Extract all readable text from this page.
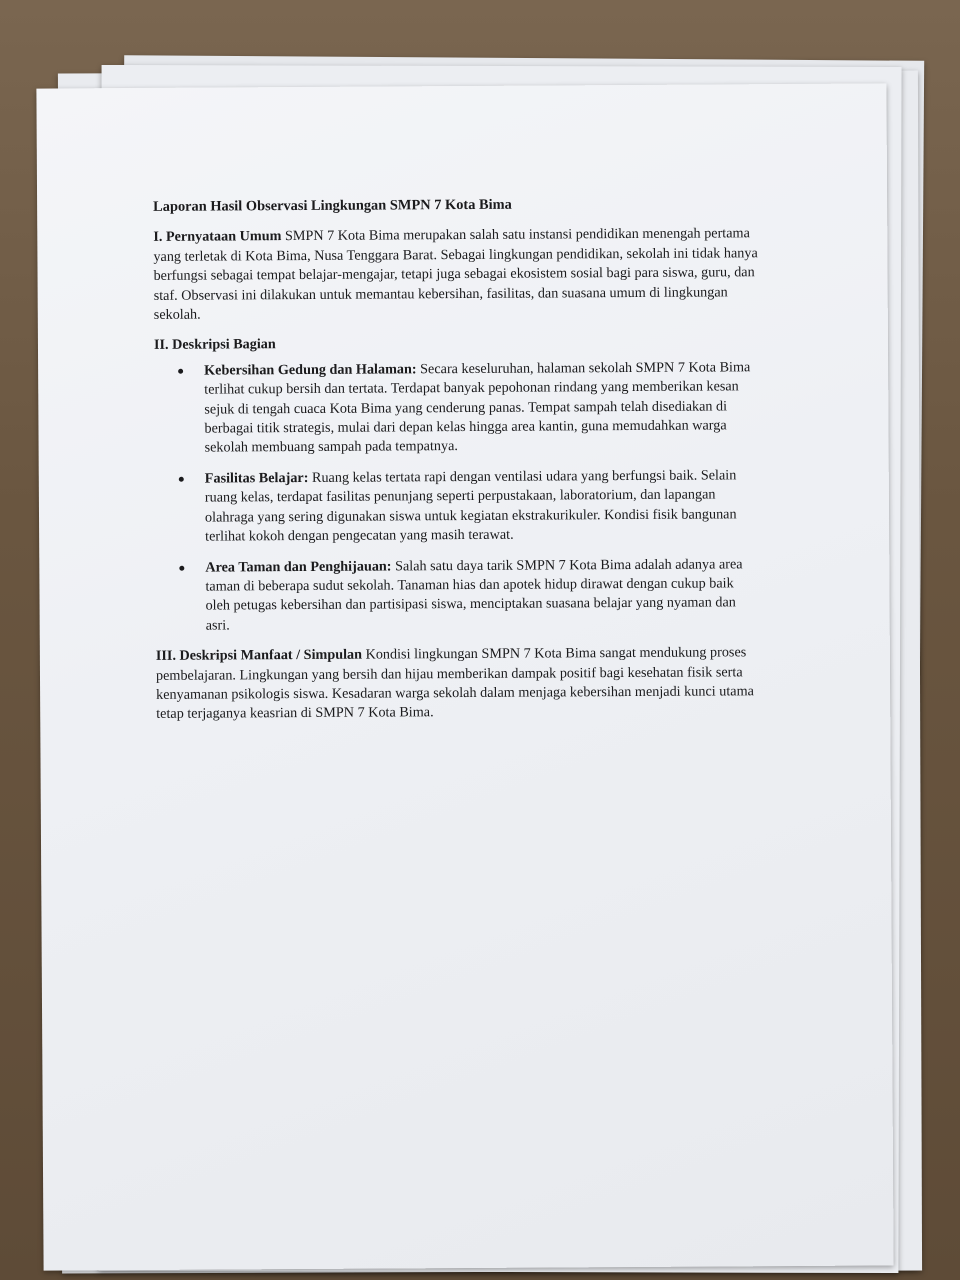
Laporan Hasil Observasi Lingkungan SMPN 7 Kota Bima

I. Pernyataan Umum SMPN 7 Kota Bima merupakan salah satu instansi pendidikan menengah pertama yang terletak di Kota Bima, Nusa Tenggara Barat. Sebagai lingkungan pendidikan, sekolah ini tidak hanya berfungsi sebagai tempat belajar-mengajar, tetapi juga sebagai ekosistem sosial bagi para siswa, guru, dan staf. Observasi ini dilakukan untuk memantau kebersihan, fasilitas, dan suasana umum di lingkungan sekolah.

II. Deskripsi Bagian
Kebersihan Gedung dan Halaman: Secara keseluruhan, halaman sekolah SMPN 7 Kota Bima terlihat cukup bersih dan tertata. Terdapat banyak pepohonan rindang yang memberikan kesan sejuk di tengah cuaca Kota Bima yang cenderung panas. Tempat sampah telah disediakan di berbagai titik strategis, mulai dari depan kelas hingga area kantin, guna memudahkan warga sekolah membuang sampah pada tempatnya.
Fasilitas Belajar: Ruang kelas tertata rapi dengan ventilasi udara yang berfungsi baik. Selain ruang kelas, terdapat fasilitas penunjang seperti perpustakaan, laboratorium, dan lapangan olahraga yang sering digunakan siswa untuk kegiatan ekstrakurikuler. Kondisi fisik bangunan terlihat kokoh dengan pengecatan yang masih terawat.
Area Taman dan Penghijauan: Salah satu daya tarik SMPN 7 Kota Bima adalah adanya area taman di beberapa sudut sekolah. Tanaman hias dan apotek hidup dirawat dengan cukup baik oleh petugas kebersihan dan partisipasi siswa, menciptakan suasana belajar yang nyaman dan asri.

III. Deskripsi Manfaat / Simpulan Kondisi lingkungan SMPN 7 Kota Bima sangat mendukung proses pembelajaran. Lingkungan yang bersih dan hijau memberikan dampak positif bagi kesehatan fisik serta kenyamanan psikologis siswa. Kesadaran warga sekolah dalam menjaga kebersihan menjadi kunci utama tetap terjaganya keasrian di SMPN 7 Kota Bima.
